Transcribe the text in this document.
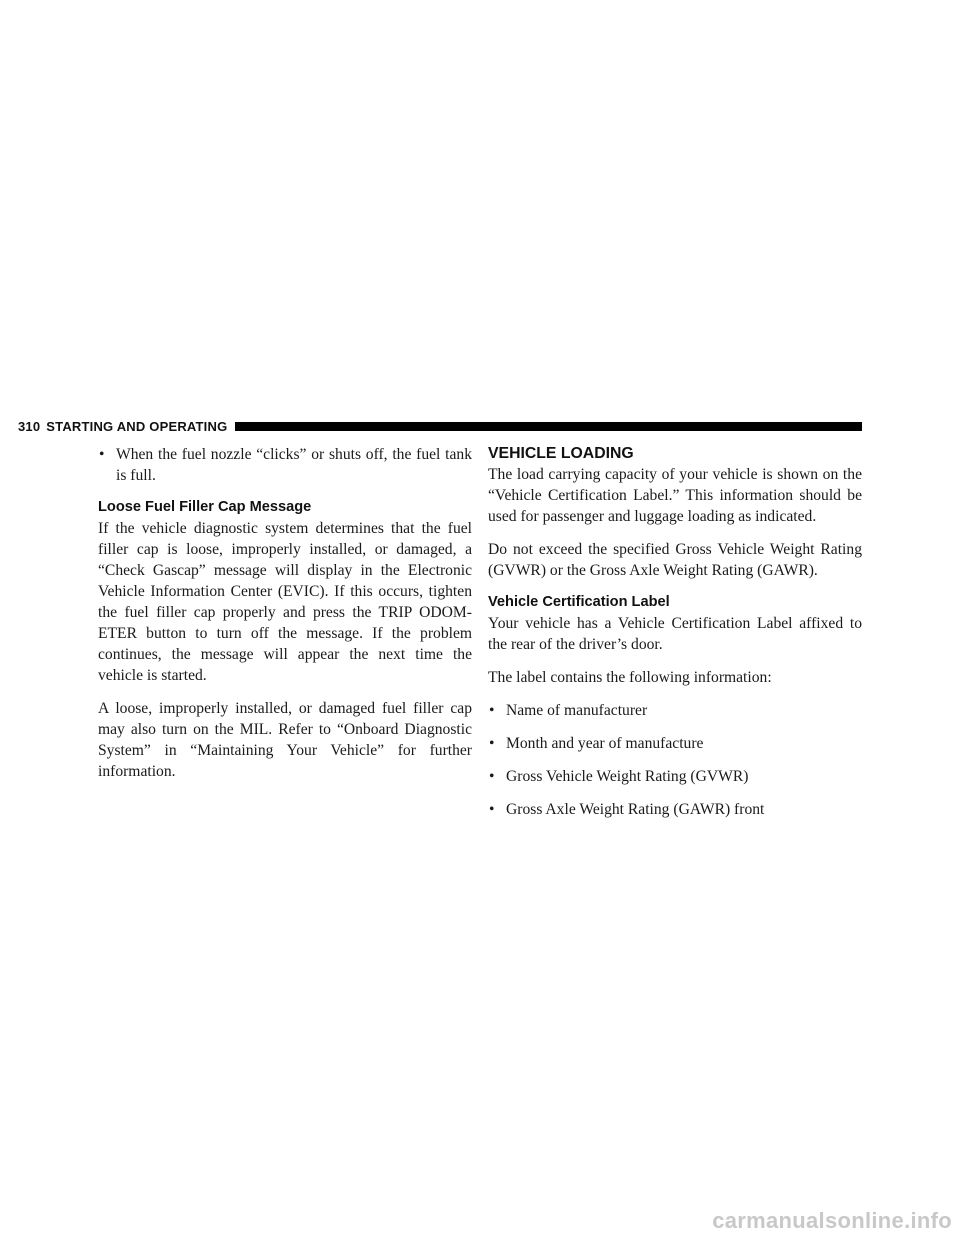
310 STARTING AND OPERATING
• When the fuel nozzle “clicks” or shuts off, the fuel tank is full.
Loose Fuel Filler Cap Message

If the vehicle diagnostic system determines that the fuel filler cap is loose, improperly installed, or damaged, a “Check Gascap” message will display in the Electronic Vehicle Information Center (EVIC). If this occurs, tighten the fuel filler cap properly and press the TRIP ODOM-ETER button to turn off the message. If the problem continues, the message will appear the next time the vehicle is started.

A loose, improperly installed, or damaged fuel filler cap may also turn on the MIL. Refer to “Onboard Diagnostic System” in “Maintaining Your Vehicle” for further information.

VEHICLE LOADING

The load carrying capacity of your vehicle is shown on the “Vehicle Certification Label.” This information should be used for passenger and luggage loading as indicated.

Do not exceed the specified Gross Vehicle Weight Rating (GVWR) or the Gross Axle Weight Rating (GAWR).

Vehicle Certification Label

Your vehicle has a Vehicle Certification Label affixed to the rear of the driver’s door.

The label contains the following information:

• Name of manufacturer
• Month and year of manufacture
• Gross Vehicle Weight Rating (GVWR)
• Gross Axle Weight Rating (GAWR) front
carmanualsonline.info
